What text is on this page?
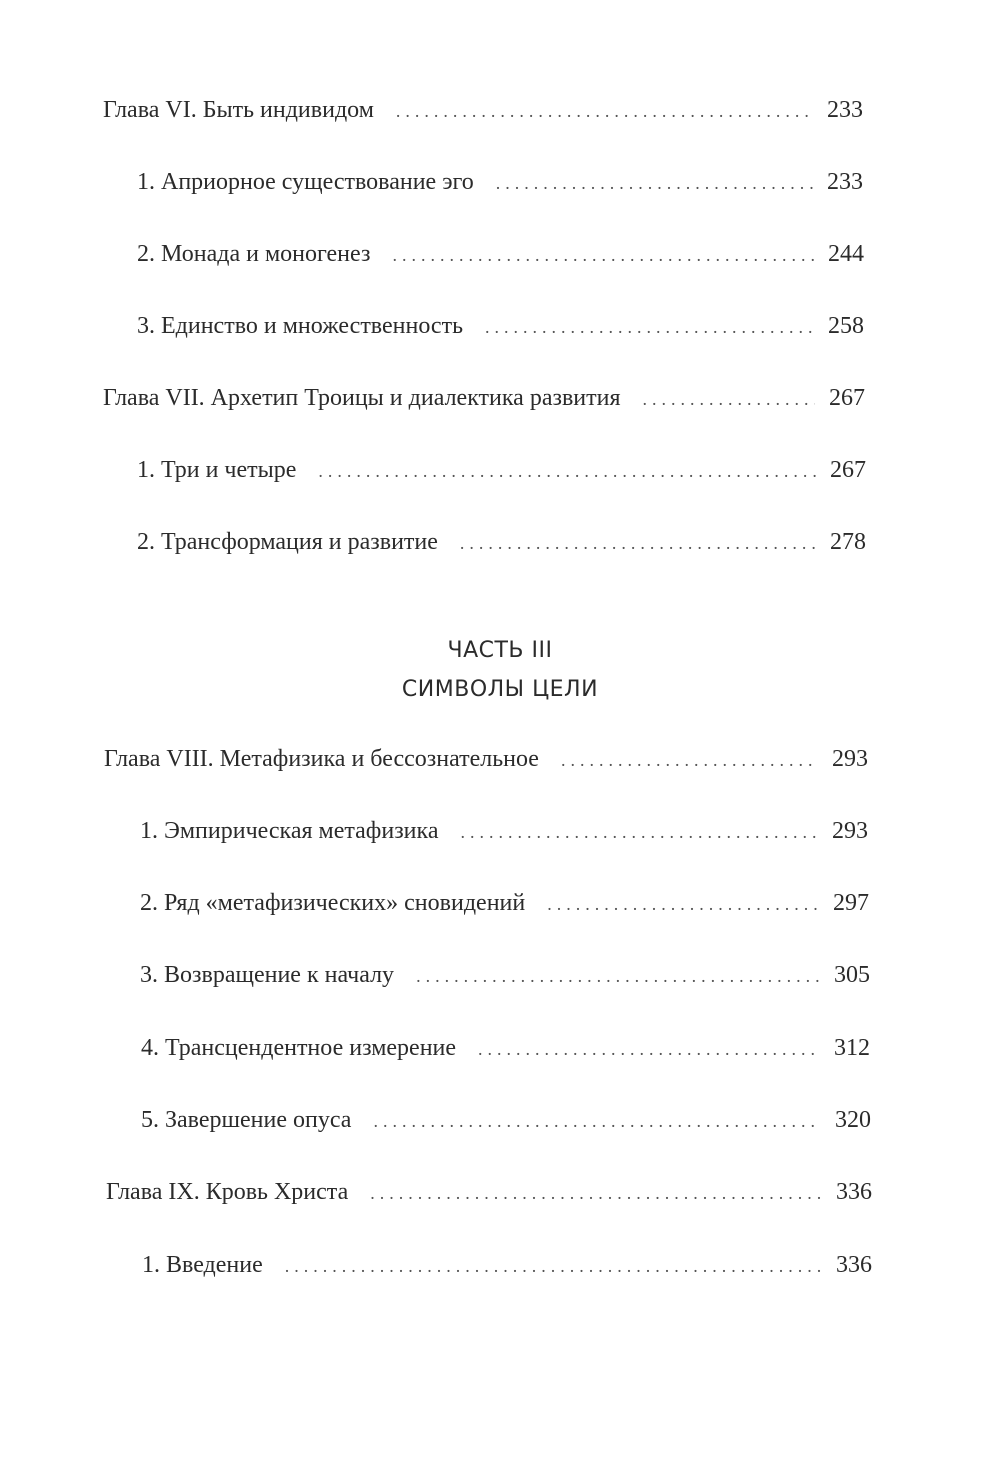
Глава VI. Быть индивидом .....	233
1. Априорное существование эго .....	233
2. Монада и моногенез .....	244
3. Единство и множественность .....	258
Глава VII. Архетип Троицы и диалектика развития .....	267
1. Три и четыре .....	267
2. Трансформация и развитие .....	278
ЧАСТЬ III
СИМВОЛЫ ЦЕЛИ
Глава VIII. Метафизика и бессознательное .....	293
1. Эмпирическая метафизика .....	293
2. Ряд «метафизических» сновидений .....	297
3. Возвращение к началу .....	305
4. Трансцендентное измерение .....	312
5. Завершение опуса .....	320
Глава IX. Кровь Христа .....	336
1. Введение .....	336
